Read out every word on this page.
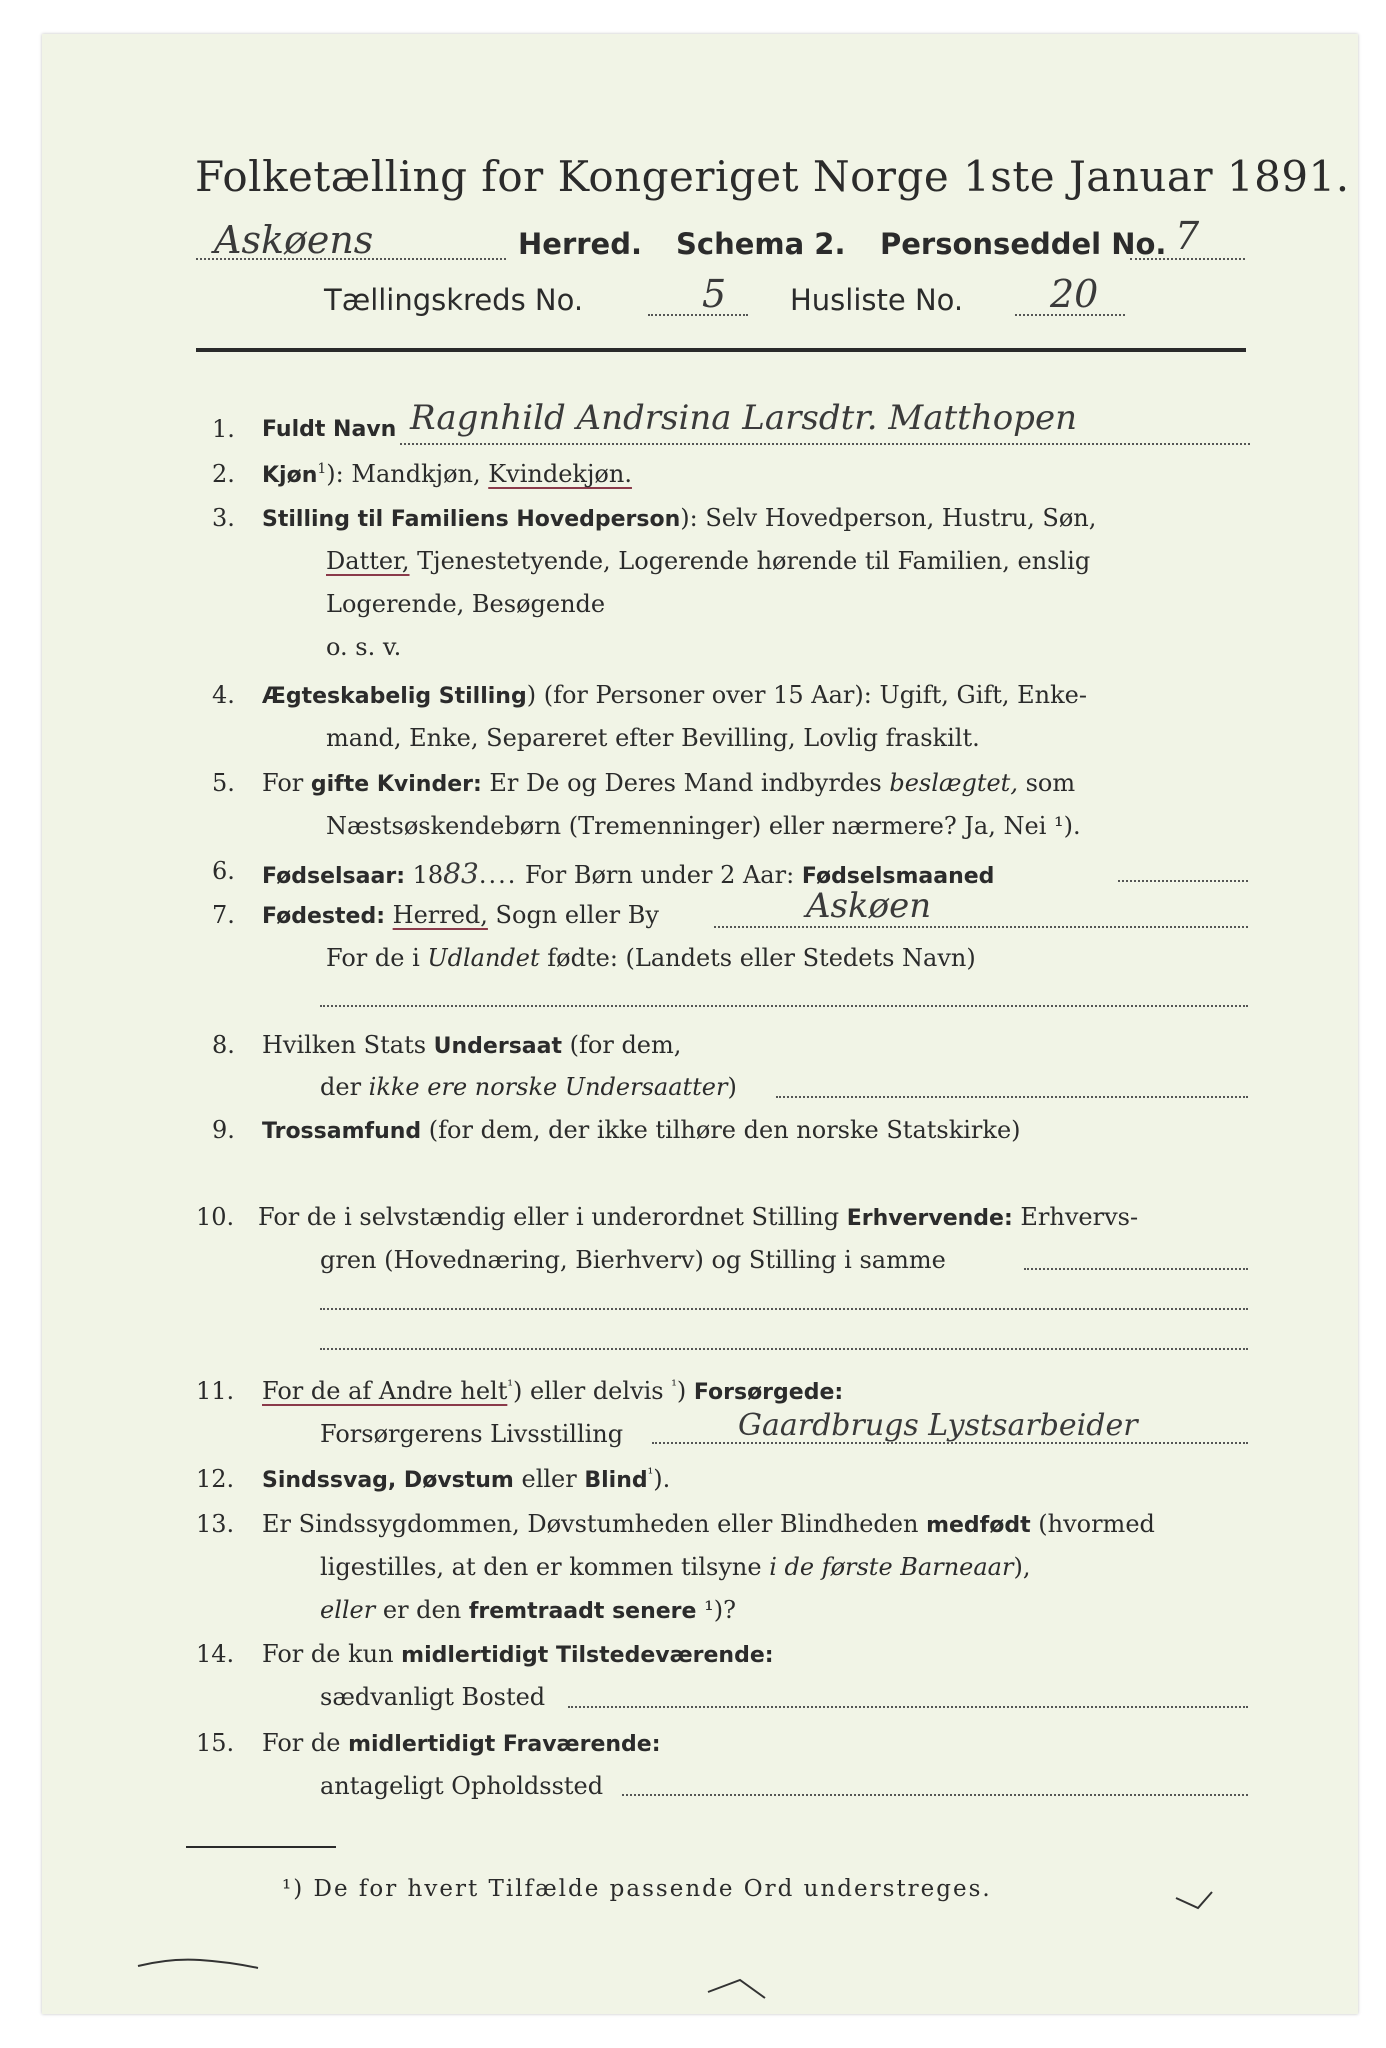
Folketælling for Kongeriget Norge 1ste Januar 1891.
Askøens	Herred. Schema 2. Personseddel No. 7
Tællingskreds No.	5 Husliste No. 20
1. Fuldt Navn Ragnhild Andrsina Larsdtr. Matthopen
2. Kjøn$^1$): Mandkjøn, Kvindekjøn.
3. Stilling til Familiens Hovedperson): Selv Hovedperson, Hustru, Søn,
Datter, Tjenestetyende, Logerende hørende til Familien, enslig
Logerende, Besøgende
o. s. v.
4. Ægteskabelig Stilling) (for Personer over 15 Aar): Ugift, Gift, Enke-
mand, Enke, Separeret efter Bevilling, Lovlig fraskilt.
5. For gifte Kvinder: Er De og Deres Mand indbyrdes beslægtet, som
Næstsøskendebørn (Tremenninger) eller nærmere? Ja, Nei ¹).
6. Fødselsaar: 1883.... For Børn under 2 Aar: Fødselsmaaned
7. Fødested: Herred, Sogn eller By	Askøen
For de i Udlandet fødte: (Landets eller Stedets Navn)
8. Hvilken Stats Undersaat (for dem,
der ikke ere norske Undersaatter)
9. Trossamfund (for dem, der ikke tilhøre den norske Statskirke)
10. For de i selvstændig eller i underordnet Stilling Erhvervende: Erhvervs-
gren (Hovednæring, Bierhverv) og Stilling i samme
11. For de af Andre helt$^{^1}$) eller delvis $^{^1}$) Forsørgede:
Forsørgerens Livsstilling	Gaardbrugs Lystsarbeider
12. Sindssvag, Døvstum eller Blind$^{^1}$).
13. Er Sindssygdommen, Døvstumheden eller Blindheden medfødt (hvormed
ligestilles, at den er kommen tilsyne i de første Barneaar),
eller er den fremtraadt senere ¹)?
14. For de kun midlertidigt Tilstedeværende:
sædvanligt Bosted
15. For de midlertidigt Fraværende:
antageligt Opholdssted
¹) De for hvert Tilfælde passende Ord understreges.
